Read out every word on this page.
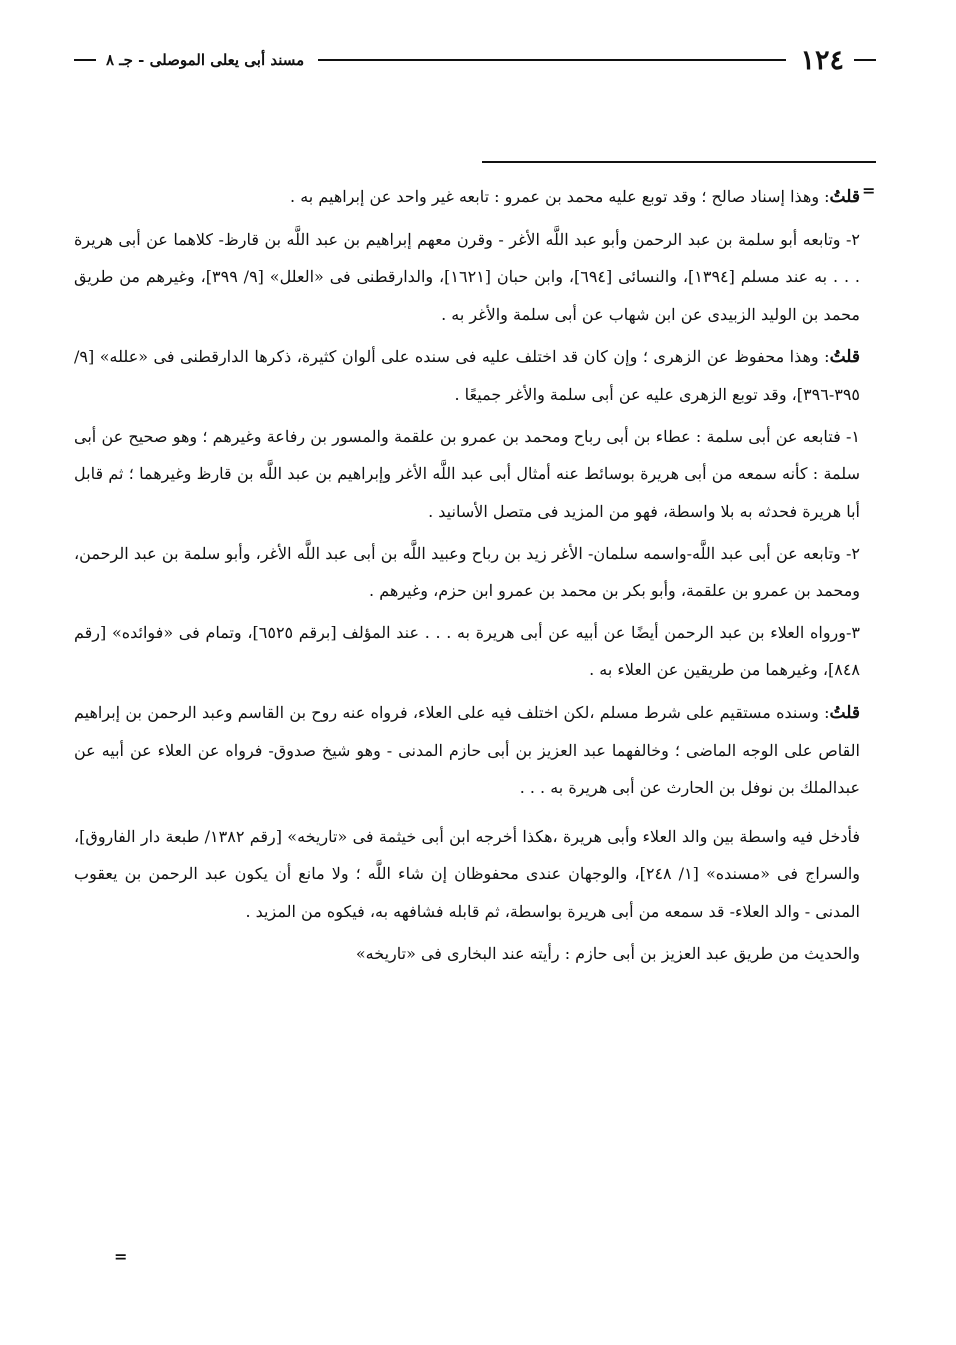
١٢٤
مسند أبى يعلى الموصلى - جـ ٨
=
=

قلتُ: وهذا إسناد صالح ؛ وقد توبع عليه محمد بن عمرو : تابعه غير واحد عن إبراهيم به .

٢- وتابعه أبو سلمة بن عبد الرحمن وأبو عبد اللَّه الأغر - وقرن معهم إبراهيم بن عبد اللَّه بن قارظ- كلاهما عن أبى هريرة . . . به عند مسلم [١٣٩٤]، والنسائى [٦٩٤]، وابن حبان [١٦٢١]، والدارقطنى فى «العلل» [٩/ ٣٩٩]، وغيرهم من طريق محمد بن الوليد الزبيدى عن ابن شهاب عن أبى سلمة والأغر به .

قلتُ: وهذا محفوظ عن الزهرى ؛ وإن كان قد اختلف عليه فى سنده على ألوان كثيرة، ذكرها الدارقطنى فى «علله» [٩/ ٣٩٥-٣٩٦]، وقد توبع الزهرى عليه عن أبى سلمة والأغر جميعًا .

١- فتابعه عن أبى سلمة : عطاء بن أبى رباح ومحمد بن عمرو بن علقمة والمسور بن رفاعة وغيرهم ؛ وهو صحيح عن أبى سلمة : كأنه سمعه من أبى هريرة بوسائط عنه أمثال أبى عبد اللَّه الأغر وإبراهيم بن عبد اللَّه بن قارظ وغيرهما ؛ ثم قابل أبا هريرة فحدثه به بلا واسطة، فهو من المزيد فى متصل الأسانيد .

٢- وتابعه عن أبى عبد اللَّه-واسمه سلمان- الأغر زيد بن رباح وعبيد اللَّه بن أبى عبد اللَّه الأغر، وأبو سلمة بن عبد الرحمن، ومحمد بن عمرو بن علقمة، وأبو بكر بن محمد بن عمرو ابن حزم، وغيرهم .

٣-ورواه العلاء بن عبد الرحمن أيضًا عن أبيه عن أبى هريرة به . . . عند المؤلف [برقم ٦٥٢٥]، وتمام فى «فوائده» [رقم ٨٤٨]، وغيرهما من طريقين عن العلاء به .

قلتُ: وسنده مستقيم على شرط مسلم ،لكن اختلف فيه على العلاء، فرواه عنه روح بن القاسم وعبد الرحمن بن إبراهيم القاص على الوجه الماضى ؛ وخالفهما عبد العزيز بن أبى حازم المدنى - وهو شيخ صدوق- فرواه عن العلاء عن أبيه عن عبدالملك بن نوفل بن الحارث عن أبى هريرة به . . .

فأدخل فيه واسطة بين والد العلاء وأبى هريرة ،هكذا أخرجه ابن أبى خيثمة فى «تاريخه» [رقم ١٣٨٢/ طبعة دار الفاروق]، والسراج فى «مسنده» [١/ ٢٤٨]، والوجهان عندى محفوظان إن شاء اللَّه ؛ ولا مانع أن يكون عبد الرحمن بن يعقوب المدنى - والد العلاء- قد سمعه من أبى هريرة بواسطة، ثم قابله فشافهه به، فيكوه من المزيد .

والحديث من طريق عبد العزيز بن أبى حازم : رأيته عند البخارى فى «تاريخه»
